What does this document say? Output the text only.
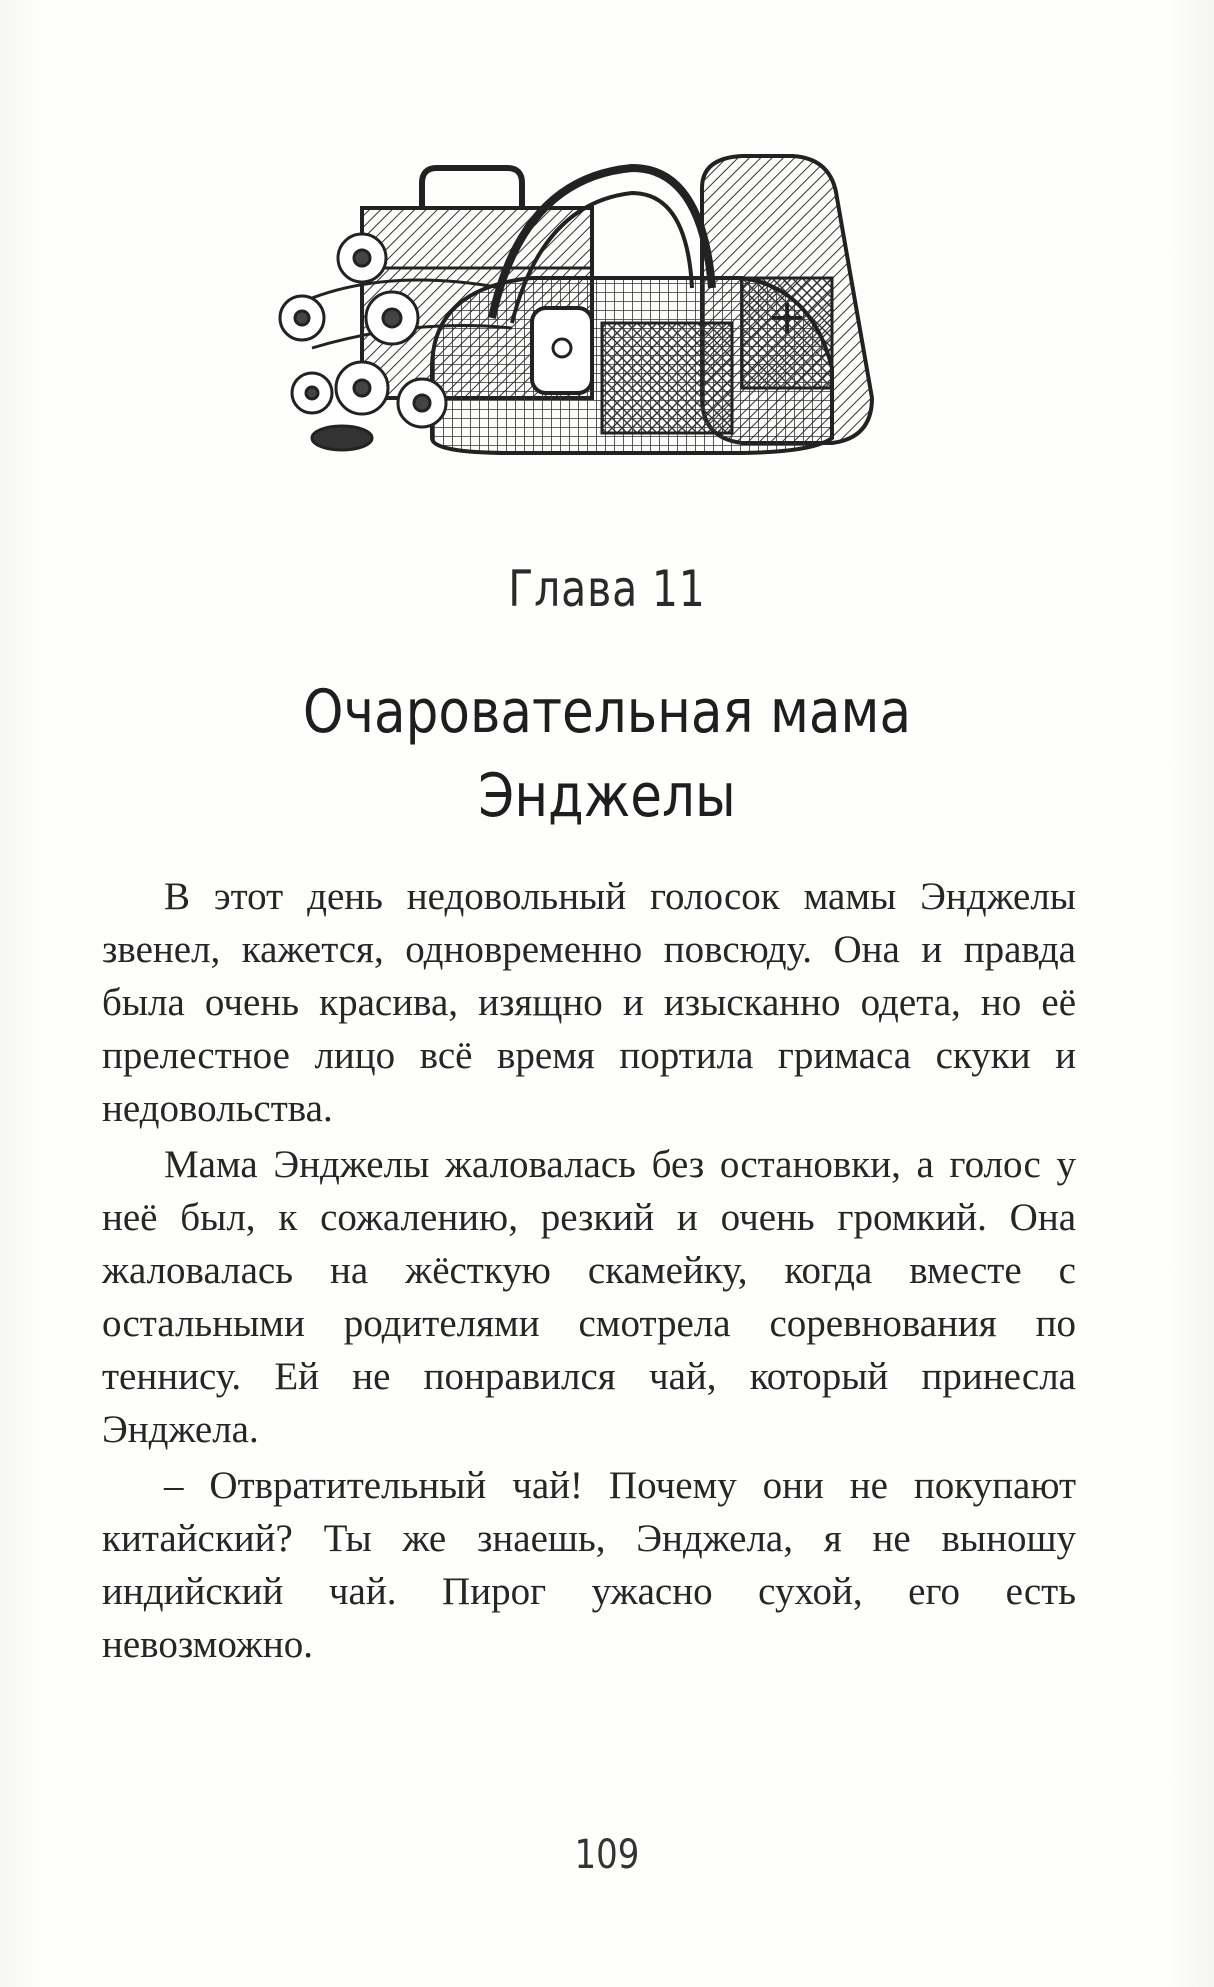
Глава 11
Очаровательная мама
Энджелы

В этот день недовольный голосок мамы Энджелы звенел, кажется, одновременно повсюду. Она и правда была очень красива, изящно и изысканно одета, но её прелестное лицо всё время портила гримаса скуки и недовольства.

Мама Энджелы жаловалась без остановки, а голос у неё был, к сожалению, резкий и очень громкий. Она жаловалась на жёсткую скамейку, когда вместе с остальными родителями смотрела соревнования по теннису. Ей не понравился чай, который принесла Энджела.

– Отвратительный чай! Почему они не покупают китайский? Ты же знаешь, Энджела, я не выношу индийский чай. Пирог ужасно сухой, его есть невозможно.

109
